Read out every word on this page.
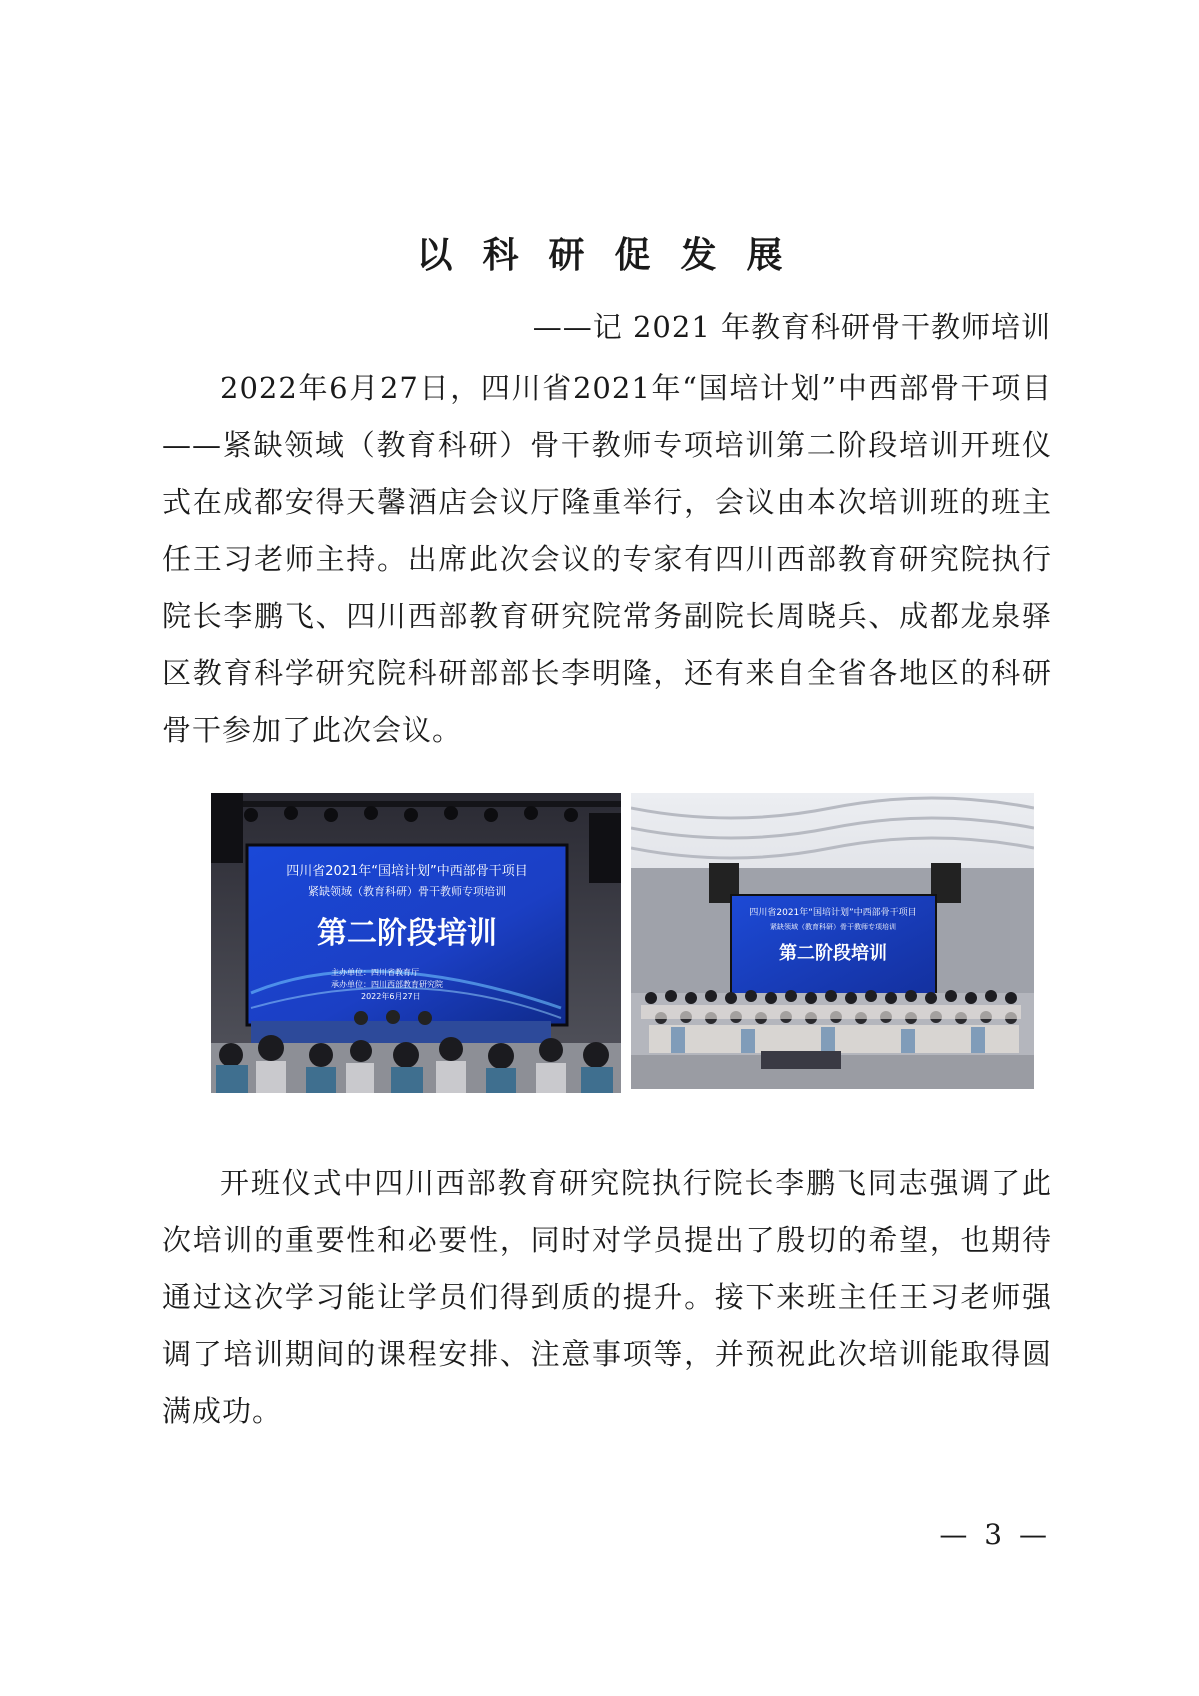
以科研促发展
——记 2021 年教育科研骨干教师培训

2022年6月27日，四川省2021年“国培计划”中西部骨干项目——紧缺领域（教育科研）骨干教师专项培训第二阶段培训开班仪式在成都安得天馨酒店会议厅隆重举行，会议由本次培训班的班主任王习老师主持。出席此次会议的专家有四川西部教育研究院执行院长李鹏飞、四川西部教育研究院常务副院长周晓兵、成都龙泉驿区教育科学研究院科研部部长李明隆，还有来自全省各地区的科研骨干参加了此次会议。

四川省2021年“国培计划”中西部骨干项目
紧缺领域（教育科研）骨干教师专项培训
第二阶段培训
主办单位：四川省教育厅
承办单位：四川西部教育研究院
2022年6月27日
四川省2021年“国培计划”中西部骨干项目
紧缺领域（教育科研）骨干教师专项培训
第二阶段培训

开班仪式中四川西部教育研究院执行院长李鹏飞同志强调了此次培训的重要性和必要性，同时对学员提出了殷切的希望，也期待通过这次学习能让学员们得到质的提升。接下来班主任王习老师强调了培训期间的课程安排、注意事项等，并预祝此次培训能取得圆满成功。

— 3 —
